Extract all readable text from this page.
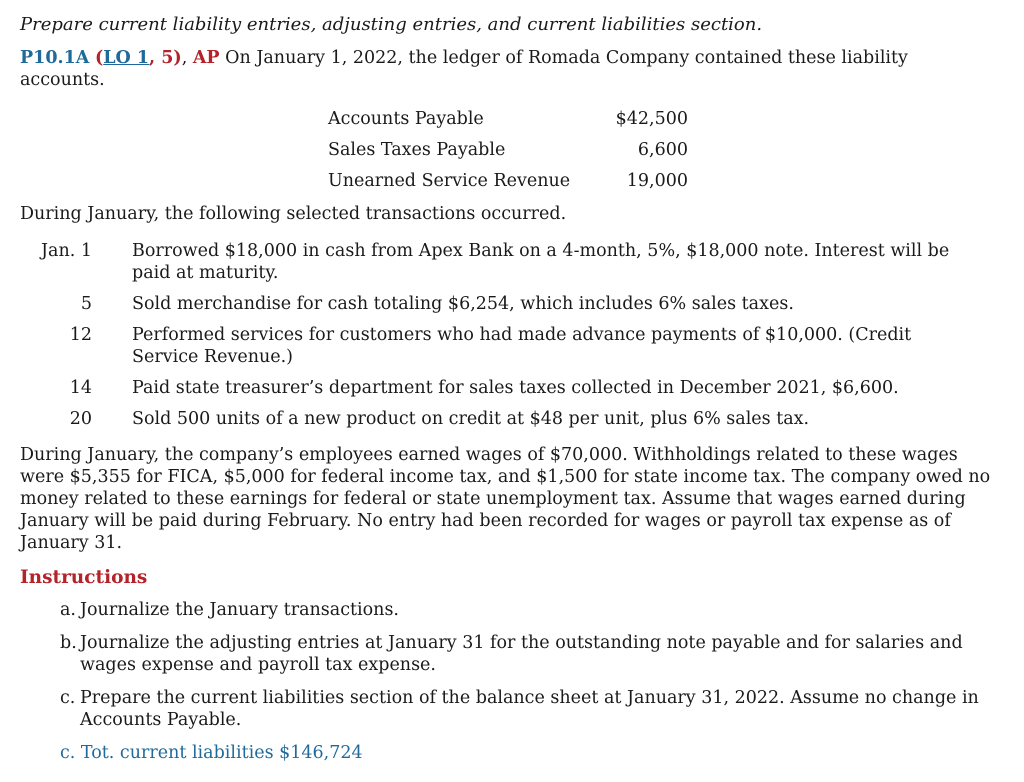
Prepare current liability entries, adjusting entries, and current liabilities section.
P10.1A (LO 1, 5), AP On January 1, 2022, the ledger of Romada Company contained these liability accounts.
Accounts Payable	$42,500
Sales Taxes Payable	6,600
Unearned Service Revenue	19,000
During January, the following selected transactions occurred.
Jan. 1 Borrowed $18,000 in cash from Apex Bank on a 4-month, 5%, $18,000 note. Interest will be paid at maturity.
5 Sold merchandise for cash totaling $6,254, which includes 6% sales taxes.
12 Performed services for customers who had made advance payments of $10,000. (Credit Service Revenue.)
14 Paid state treasurer’s department for sales taxes collected in December 2021, $6,600.
20 Sold 500 units of a new product on credit at $48 per unit, plus 6% sales tax.
During January, the company’s employees earned wages of $70,000. Withholdings related to these wages were $5,355 for FICA, $5,000 for federal income tax, and $1,500 for state income tax. The company owed no money related to these earnings for federal or state unemployment tax. Assume that wages earned during January will be paid during February. No entry had been recorded for wages or payroll tax expense as of January 31.
Instructions
a. Journalize the January transactions.
b. Journalize the adjusting entries at January 31 for the outstanding note payable and for salaries and wages expense and payroll tax expense.
c. Prepare the current liabilities section of the balance sheet at January 31, 2022. Assume no change in Accounts Payable.
c. Tot. current liabilities $146,724
